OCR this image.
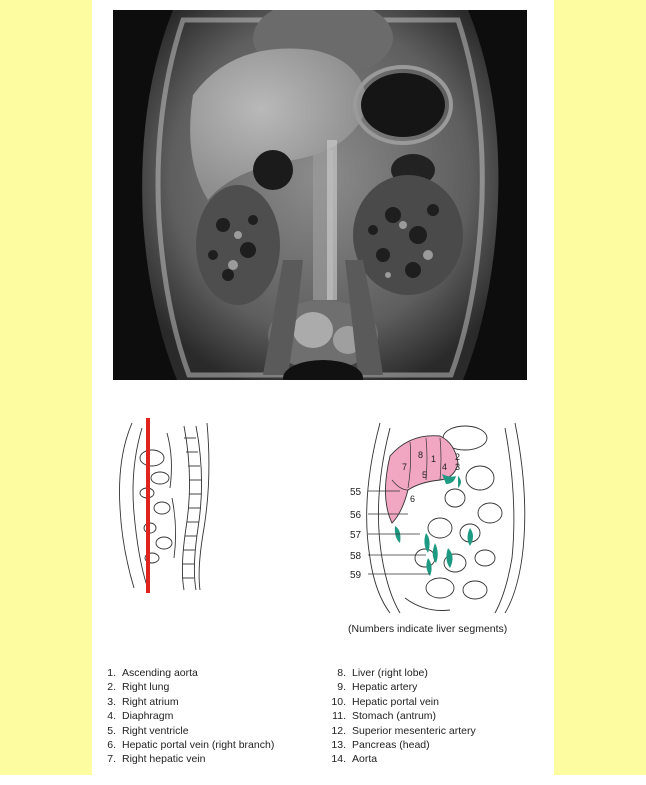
8 1
7
5
4
2
3
6
55
56
57
58
59
(Numbers indicate liver segments)
1. Ascending aorta
2. Right lung
3. Right atrium
4. Diaphragm
5. Right ventricle
6. Hepatic portal vein (right branch)
7. Right hepatic vein
8. Liver (right lobe)
9. Hepatic artery
10. Hepatic portal vein
11. Stomach (antrum)
12. Superior mesenteric artery
13. Pancreas (head)
14. Aorta
